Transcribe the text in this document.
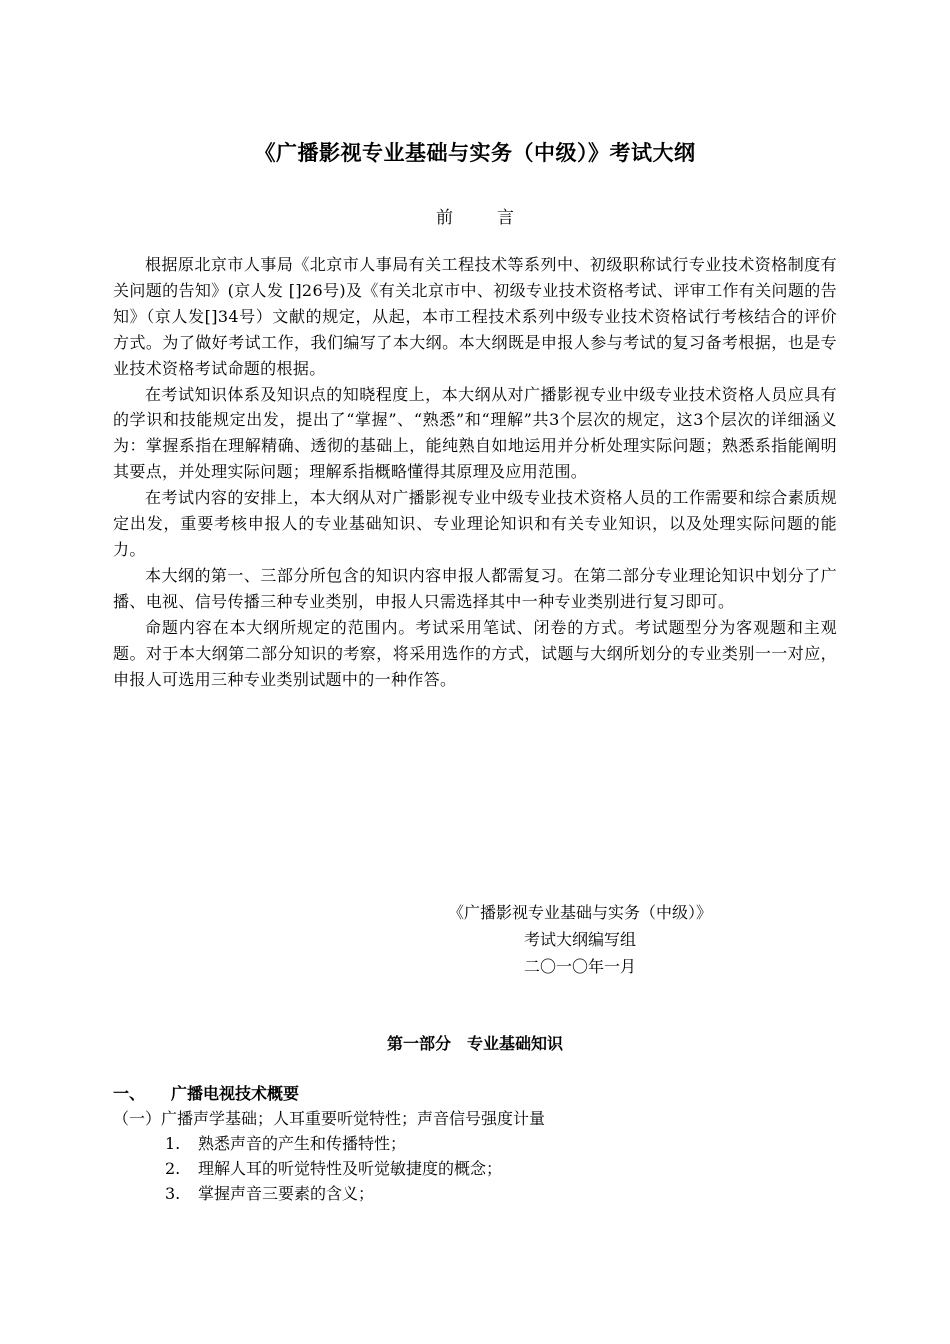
《广播影视专业基础与实务（中级）》考试大纲
前言

根据原北京市人事局《北京市人事局有关工程技术等系列中、初级职称试行专业技术资格制度有关问题的告知》(京人发 []26号)及《有关北京市中、初级专业技术资格考试、评审工作有关问题的告知》（京人发[]34号）文献的规定，从起，本市工程技术系列中级专业技术资格试行考核结合的评价方式。为了做好考试工作，我们编写了本大纲。本大纲既是申报人参与考试的复习备考根据，也是专业技术资格考试命题的根据。

在考试知识体系及知识点的知晓程度上，本大纲从对广播影视专业中级专业技术资格人员应具有的学识和技能规定出发，提出了“掌握”、“熟悉”和“理解”共3个层次的规定，这3个层次的详细涵义为：掌握系指在理解精确、透彻的基础上，能纯熟自如地运用并分析处理实际问题；熟悉系指能阐明其要点，并处理实际问题；理解系指概略懂得其原理及应用范围。

在考试内容的安排上，本大纲从对广播影视专业中级专业技术资格人员的工作需要和综合素质规定出发，重要考核申报人的专业基础知识、专业理论知识和有关专业知识，以及处理实际问题的能力。

本大纲的第一、三部分所包含的知识内容申报人都需复习。在第二部分专业理论知识中划分了广播、电视、信号传播三种专业类别，申报人只需选择其中一种专业类别进行复习即可。

命题内容在本大纲所规定的范围内。考试采用笔试、闭卷的方式。考试题型分为客观题和主观题。对于本大纲第二部分知识的考察，将采用选作的方式，试题与大纲所划分的专业类别一一对应，申报人可选用三种专业类别试题中的一种作答。

《广播影视专业基础与实务（中级）》
考试大纲编写组
二〇一〇年一月
第一部分　专业基础知识
一、 广播电视技术概要
（一）广播声学基础；人耳重要听觉特性；声音信号强度计量
1. 熟悉声音的产生和传播特性；
2. 理解人耳的听觉特性及听觉敏捷度的概念；
3. 掌握声音三要素的含义；
